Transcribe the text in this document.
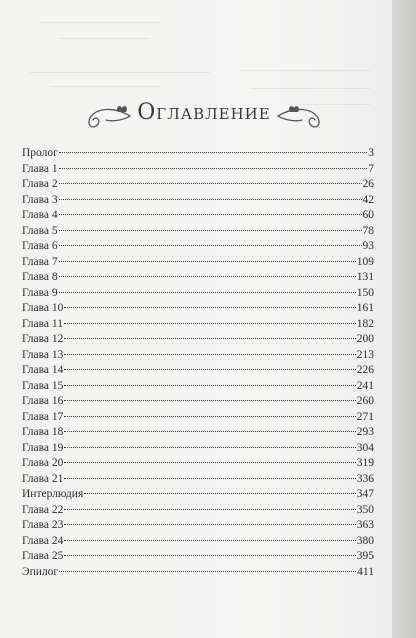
Оглавление
Пролог	3
Глава 1	7
Глава 2	26
Глава 3	42
Глава 4	60
Глава 5	78
Глава 6	93
Глава 7	109
Глава 8	131
Глава 9	150
Глава 10	161
Глава 11	182
Глава 12	200
Глава 13	213
Глава 14	226
Глава 15	241
Глава 16	260
Глава 17	271
Глава 18	293
Глава 19	304
Глава 20	319
Глава 21	336
Интерлюдия	347
Глава 22	350
Глава 23	363
Глава 24	380
Глава 25	395
Эпилог	411
